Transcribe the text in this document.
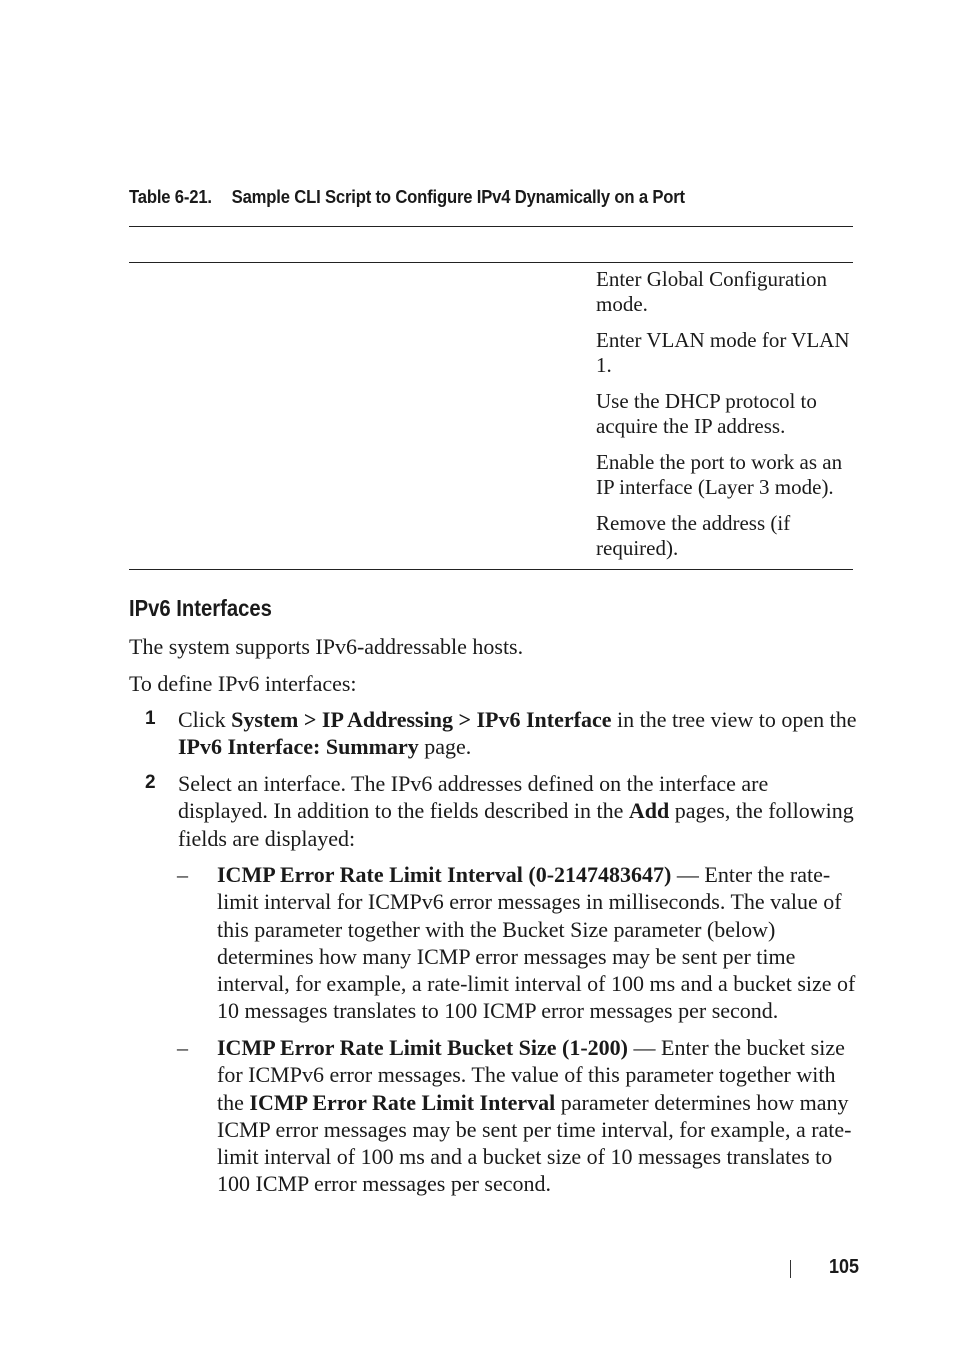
Table 6-21. Sample CLI Script to Configure IPv4 Dynamically on a Port
Enter Global Configuration mode.
Enter VLAN mode for VLAN 1.
Use the DHCP protocol to acquire the IP address.
Enable the port to work as an IP interface (Layer 3 mode).
Remove the address (if required).
IPv6 Interfaces
The system supports IPv6-addressable hosts.
To define IPv6 interfaces:
1 Click System > IP Addressing > IPv6 Interface in the tree view to open the IPv6 Interface: Summary page.
2 Select an interface. The IPv6 addresses defined on the interface are displayed. In addition to the fields described in the Add pages, the following fields are displayed:
– ICMP Error Rate Limit Interval (0-2147483647) — Enter the rate-limit interval for ICMPv6 error messages in milliseconds. The value of this parameter together with the Bucket Size parameter (below) determines how many ICMP error messages may be sent per time interval, for example, a rate-limit interval of 100 ms and a bucket size of 10 messages translates to 100 ICMP error messages per second.
– ICMP Error Rate Limit Bucket Size (1-200) — Enter the bucket size for ICMPv6 error messages. The value of this parameter together with the ICMP Error Rate Limit Interval parameter determines how many ICMP error messages may be sent per time interval, for example, a rate-limit interval of 100 ms and a bucket size of 10 messages translates to 100 ICMP error messages per second.
105
